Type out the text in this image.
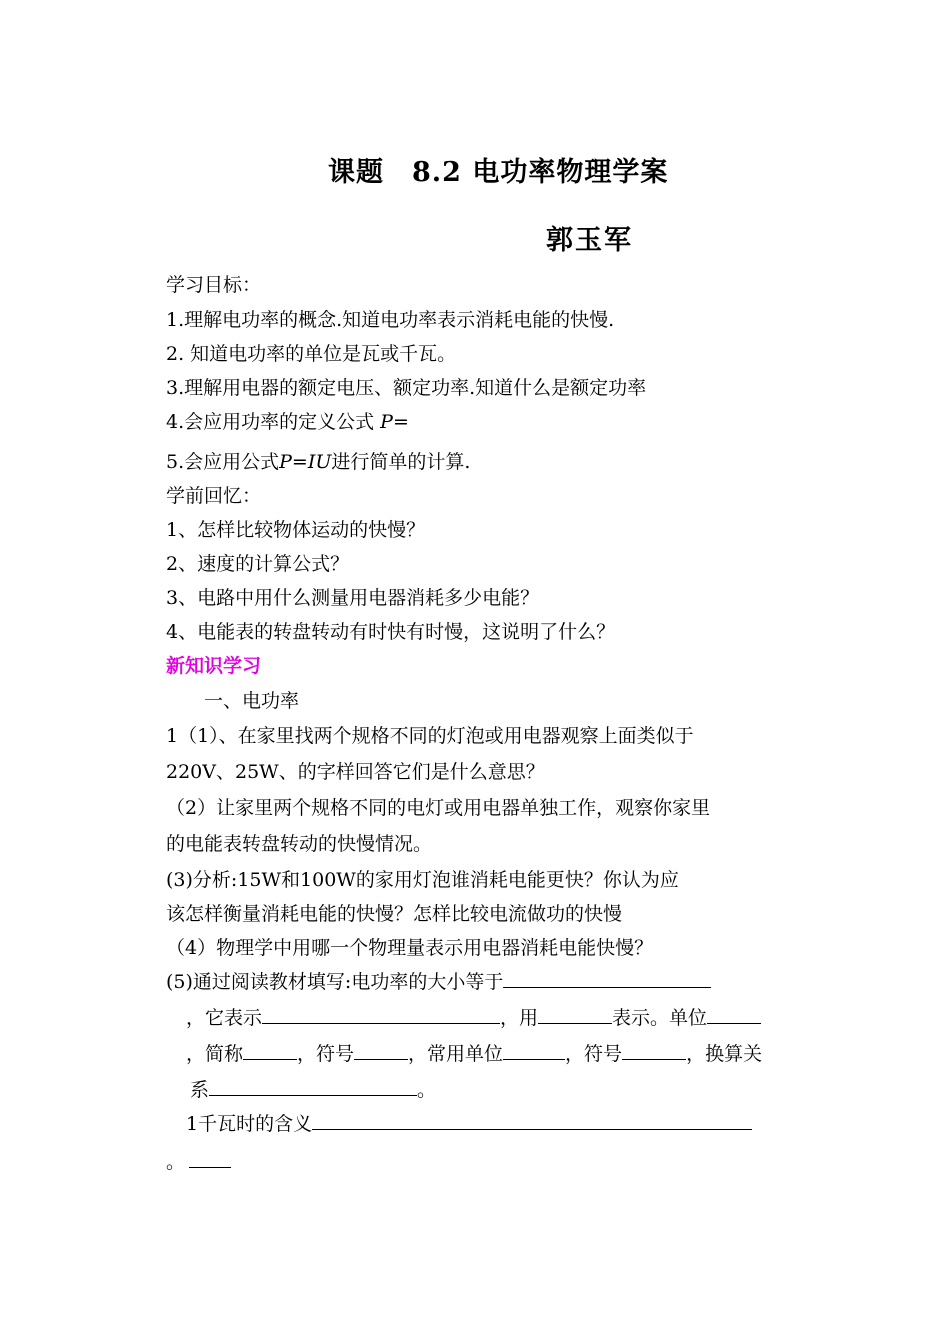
课题　8.2 电功率物理学案
郭玉军
学习目标：
1.理解电功率的概念.知道电功率表示消耗电能的快慢.
2. 知道电功率的单位是瓦或千瓦。
3.理解用电器的额定电压、额定功率.知道什么是额定功率
4.会应用功率的定义公式 P=
5.会应用公式P=IU进行简单的计算.
学前回忆：
1、怎样比较物体运动的快慢？
2、速度的计算公式？
3、电路中用什么测量用电器消耗多少电能？
4、电能表的转盘转动有时快有时慢，这说明了什么？
新知识学习
一、电功率
1（1）、在家里找两个规格不同的灯泡或用电器观察上面类似于
220V、25W、的字样回答它们是什么意思？
（2）让家里两个规格不同的电灯或用电器单独工作，观察你家里
的电能表转盘转动的快慢情况。
(3)分析:15W和100W的家用灯泡谁消耗电能更快？你认为应
该怎样衡量消耗电能的快慢？怎样比较电流做功的快慢
（4）物理学中用哪一个物理量表示用电器消耗电能快慢？
(5)通过阅读教材填写:电功率的大小等于
，它表示	，用	表示。单位
，简称	，符号	，常用单位	，符号	，换算关
系	。
1千瓦时的含义
。
